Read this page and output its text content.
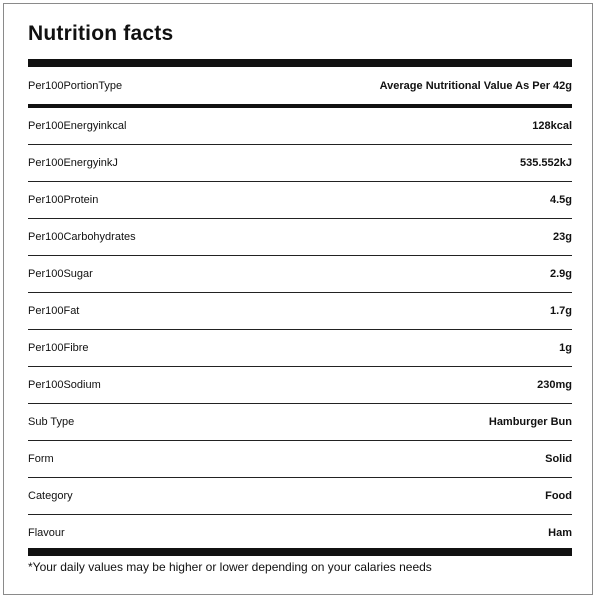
Nutrition facts
Per100PortionType	Average Nutritional Value As Per 42g
Per100Energyinkcal	128kcal
Per100EnergyinkJ	535.552kJ
Per100Protein	4.5g
Per100Carbohydrates	23g
Per100Sugar	2.9g
Per100Fat	1.7g
Per100Fibre	1g
Per100Sodium	230mg
Sub Type	Hamburger Bun
Form	Solid
Category	Food
Flavour	Ham
*Your daily values may be higher or lower depending on your calaries needs
